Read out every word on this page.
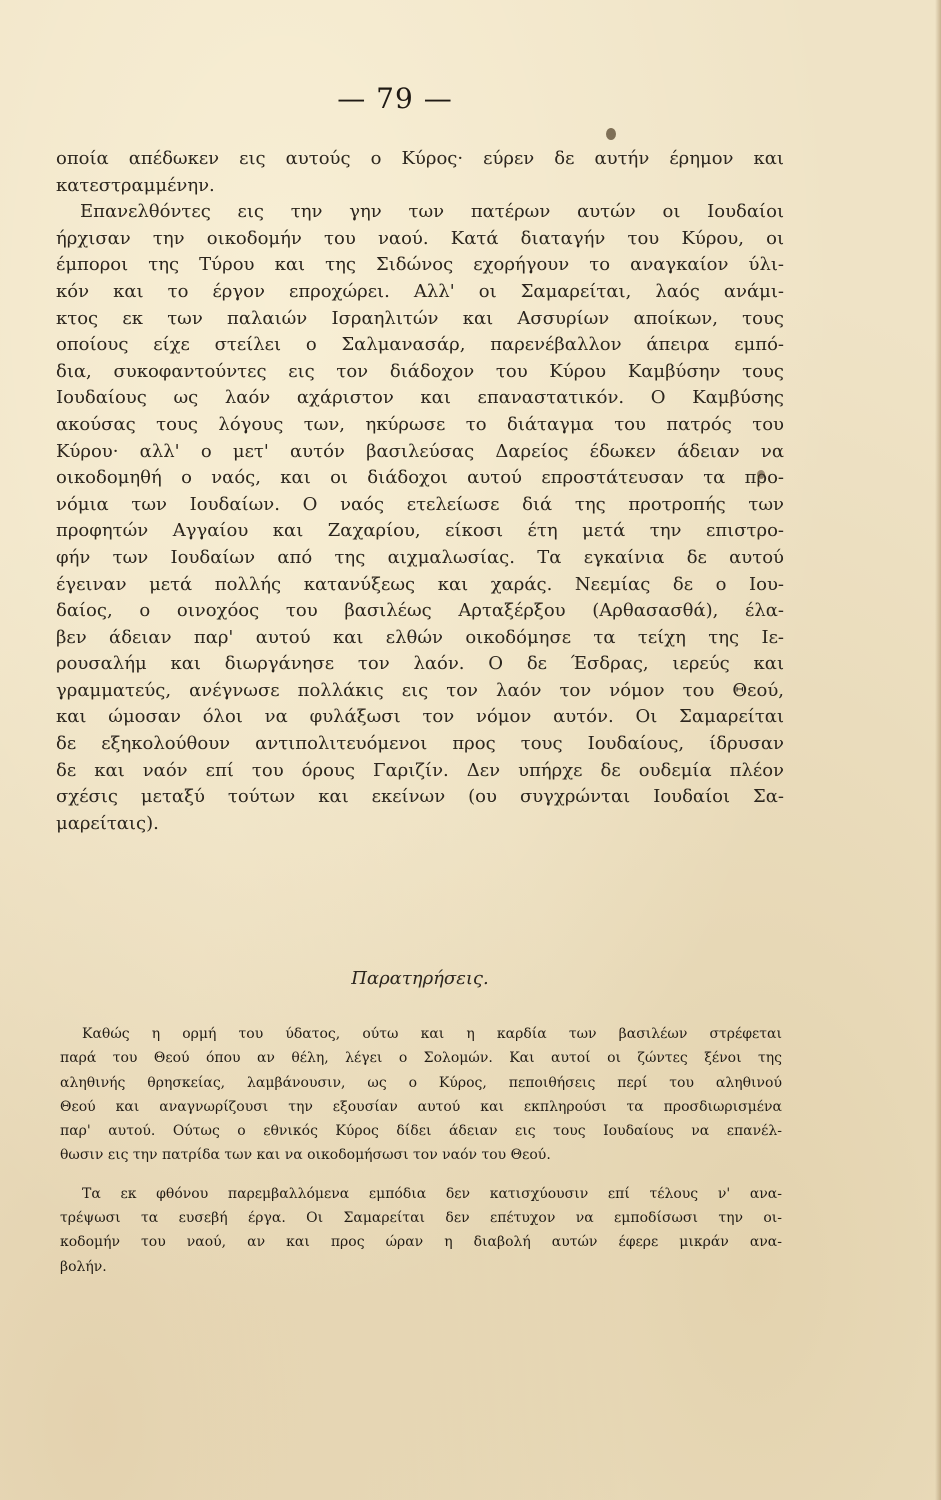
— 79 —
οποία απέδωκεν εις αυτούς ο Κύρος· εύρεν δε αυτήν έρημον και
κατεστραμμένην.
Επανελθόντες εις την γην των πατέρων αυτών οι Ιουδαίοι
ήρχισαν την οικοδομήν του ναού. Κατά διαταγήν του Κύρου, οι
έμποροι της Τύρου και της Σιδώνος εχορήγουν το αναγκαίον ύλι-
κόν και το έργον επροχώρει. Αλλ' οι Σαμαρείται, λαός ανάμι-
κτος εκ των παλαιών Ισραηλιτών και Ασσυρίων αποίκων, τους
οποίους είχε στείλει ο Σαλμανασάρ, παρενέβαλλον άπειρα εμπό-
δια, συκοφαντούντες εις τον διάδοχον του Κύρου Καμβύσην τους
Ιουδαίους ως λαόν αχάριστον και επαναστατικόν. Ο Καμβύσης
ακούσας τους λόγους των, ηκύρωσε το διάταγμα του πατρός του
Κύρου· αλλ' ο μετ' αυτόν βασιλεύσας Δαρείος έδωκεν άδειαν να
οικοδομηθή ο ναός, και οι διάδοχοι αυτού επροστάτευσαν τα προ-
νόμια των Ιουδαίων. Ο ναός ετελείωσε διά της προτροπής των
προφητών Αγγαίου και Ζαχαρίου, είκοσι έτη μετά την επιστρο-
φήν των Ιουδαίων από της αιχμαλωσίας. Τα εγκαίνια δε αυτού
έγειναν μετά πολλής κατανύξεως και χαράς. Νεεμίας δε ο Ιου-
δαίος, ο οινοχόος του βασιλέως Αρταξέρξου (Αρθασασθά), έλα-
βεν άδειαν παρ' αυτού και ελθών οικοδόμησε τα τείχη της Ιε-
ρουσαλήμ και διωργάνησε τον λαόν. Ο δε Έσδρας, ιερεύς και
γραμματεύς, ανέγνωσε πολλάκις εις τον λαόν τον νόμον του Θεού,
και ώμοσαν όλοι να φυλάξωσι τον νόμον αυτόν. Οι Σαμαρείται
δε εξηκολούθουν αντιπολιτευόμενοι προς τους Ιουδαίους, ίδρυσαν
δε και ναόν επί του όρους Γαριζίν. Δεν υπήρχε δε ουδεμία πλέον
σχέσις μεταξύ τούτων και εκείνων (ου συγχρώνται Ιουδαίοι Σα-
μαρείταις).
Παρατηρήσεις.
Καθώς η ορμή του ύδατος, ούτω και η καρδία των βασιλέων στρέφεται
παρά του Θεού όπου αν θέλη, λέγει ο Σολομών. Και αυτοί οι ζώντες ξένοι της
αληθινής θρησκείας, λαμβάνουσιν, ως ο Κύρος, πεποιθήσεις περί του αληθινού
Θεού και αναγνωρίζουσι την εξουσίαν αυτού και εκπληρούσι τα προσδιωρισμένα
παρ' αυτού. Ούτως ο εθνικός Κύρος δίδει άδειαν εις τους Ιουδαίους να επανέλ-
θωσιν εις την πατρίδα των και να οικοδομήσωσι τον ναόν του Θεού.
Τα εκ φθόνου παρεμβαλλόμενα εμπόδια δεν κατισχύουσιν επί τέλους ν' ανα-
τρέψωσι τα ευσεβή έργα. Οι Σαμαρείται δεν επέτυχον να εμποδίσωσι την οι-
κοδομήν του ναού, αν και προς ώραν η διαβολή αυτών έφερε μικράν ανα-
βολήν.
